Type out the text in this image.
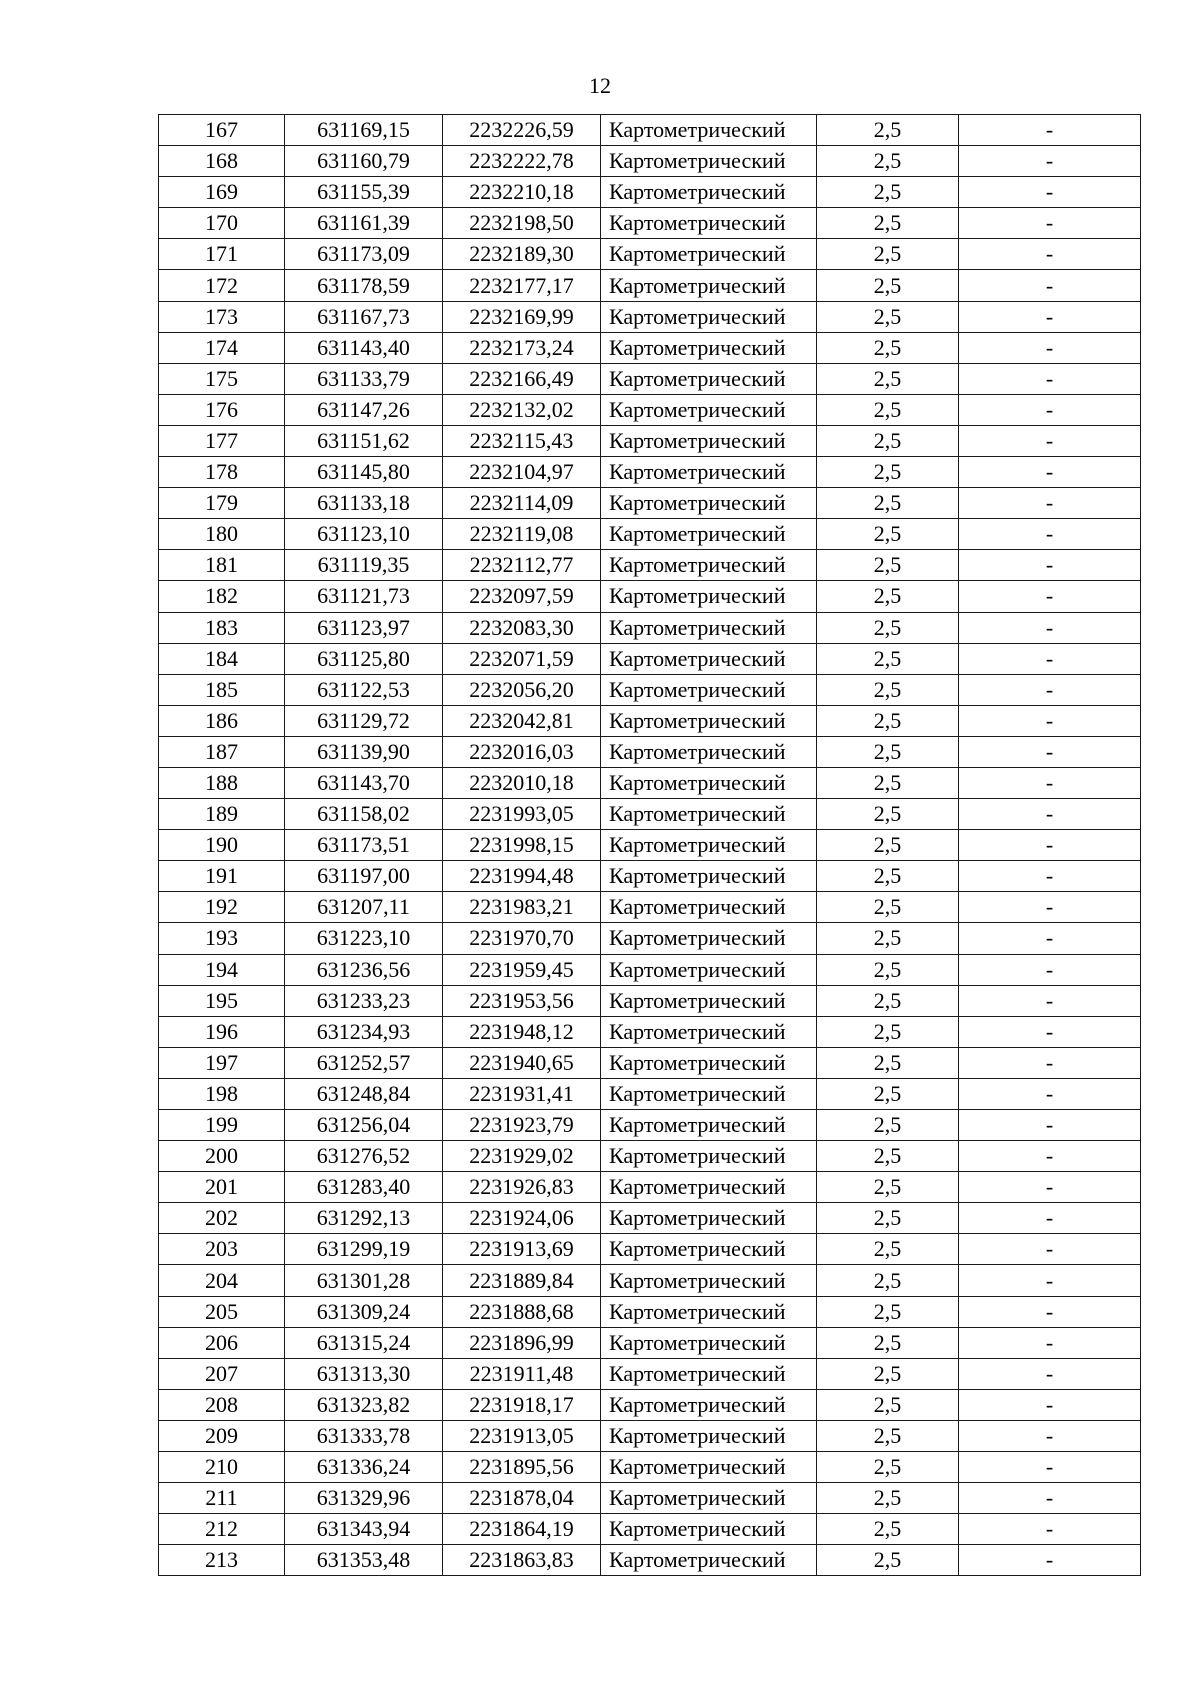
12
167	631169,15	2232226,59	Картометрический	2,5	-
168	631160,79	2232222,78	Картометрический	2,5	-
169	631155,39	2232210,18	Картометрический	2,5	-
170	631161,39	2232198,50	Картометрический	2,5	-
171	631173,09	2232189,30	Картометрический	2,5	-
172	631178,59	2232177,17	Картометрический	2,5	-
173	631167,73	2232169,99	Картометрический	2,5	-
174	631143,40	2232173,24	Картометрический	2,5	-
175	631133,79	2232166,49	Картометрический	2,5	-
176	631147,26	2232132,02	Картометрический	2,5	-
177	631151,62	2232115,43	Картометрический	2,5	-
178	631145,80	2232104,97	Картометрический	2,5	-
179	631133,18	2232114,09	Картометрический	2,5	-
180	631123,10	2232119,08	Картометрический	2,5	-
181	631119,35	2232112,77	Картометрический	2,5	-
182	631121,73	2232097,59	Картометрический	2,5	-
183	631123,97	2232083,30	Картометрический	2,5	-
184	631125,80	2232071,59	Картометрический	2,5	-
185	631122,53	2232056,20	Картометрический	2,5	-
186	631129,72	2232042,81	Картометрический	2,5	-
187	631139,90	2232016,03	Картометрический	2,5	-
188	631143,70	2232010,18	Картометрический	2,5	-
189	631158,02	2231993,05	Картометрический	2,5	-
190	631173,51	2231998,15	Картометрический	2,5	-
191	631197,00	2231994,48	Картометрический	2,5	-
192	631207,11	2231983,21	Картометрический	2,5	-
193	631223,10	2231970,70	Картометрический	2,5	-
194	631236,56	2231959,45	Картометрический	2,5	-
195	631233,23	2231953,56	Картометрический	2,5	-
196	631234,93	2231948,12	Картометрический	2,5	-
197	631252,57	2231940,65	Картометрический	2,5	-
198	631248,84	2231931,41	Картометрический	2,5	-
199	631256,04	2231923,79	Картометрический	2,5	-
200	631276,52	2231929,02	Картометрический	2,5	-
201	631283,40	2231926,83	Картометрический	2,5	-
202	631292,13	2231924,06	Картометрический	2,5	-
203	631299,19	2231913,69	Картометрический	2,5	-
204	631301,28	2231889,84	Картометрический	2,5	-
205	631309,24	2231888,68	Картометрический	2,5	-
206	631315,24	2231896,99	Картометрический	2,5	-
207	631313,30	2231911,48	Картометрический	2,5	-
208	631323,82	2231918,17	Картометрический	2,5	-
209	631333,78	2231913,05	Картометрический	2,5	-
210	631336,24	2231895,56	Картометрический	2,5	-
211	631329,96	2231878,04	Картометрический	2,5	-
212	631343,94	2231864,19	Картометрический	2,5	-
213	631353,48	2231863,83	Картометрический	2,5	-
